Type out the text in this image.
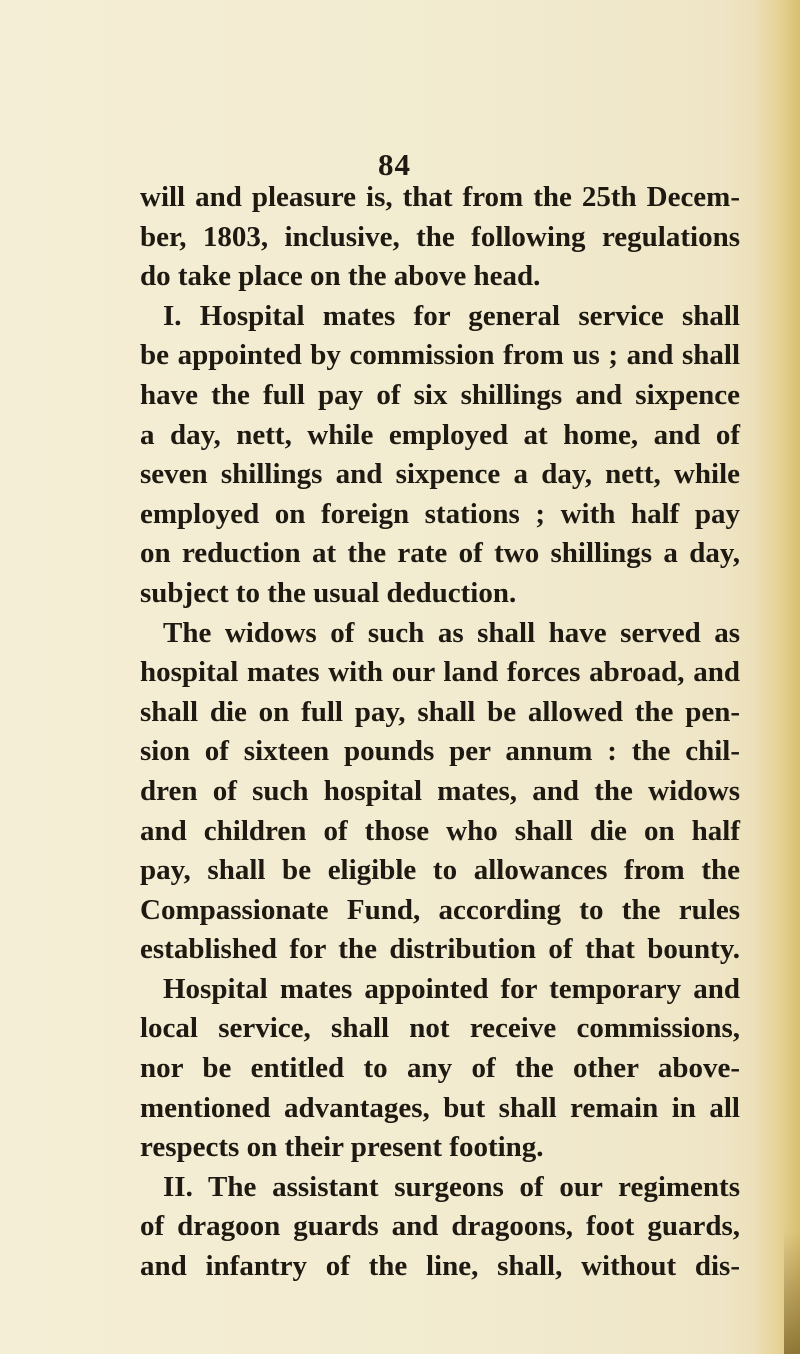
84
will and pleasure is, that from the 25th Decem-
ber, 1803, inclusive, the following regulations
do take place on the above head.
I. Hospital mates for general service shall
be appointed by commission from us ; and shall
have the full pay of six shillings and sixpence
a day, nett, while employed at home, and of
seven shillings and sixpence a day, nett, while
employed on foreign stations ; with half pay
on reduction at the rate of two shillings a day,
subject to the usual deduction.
The widows of such as shall have served as
hospital mates with our land forces abroad, and
shall die on full pay, shall be allowed the pen-
sion of sixteen pounds per annum : the chil-
dren of such hospital mates, and the widows
and children of those who shall die on half
pay, shall be eligible to allowances from the
Compassionate Fund, according to the rules
established for the distribution of that bounty.
Hospital mates appointed for temporary and
local service, shall not receive commissions,
nor be entitled to any of the other above-
mentioned advantages, but shall remain in all
respects on their present footing.
II. The assistant surgeons of our regiments
of dragoon guards and dragoons, foot guards,
and infantry of the line, shall, without dis-
